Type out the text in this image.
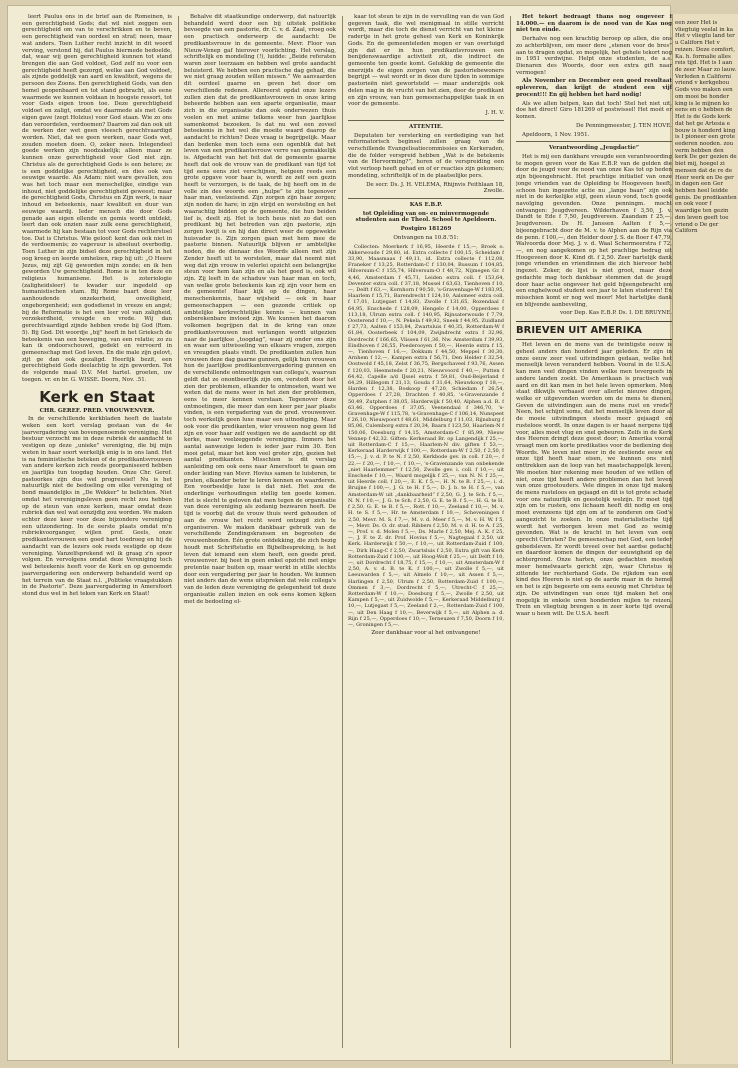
leert Paulus ons in de brief aan de Romeinen, is een gerechtigheid Gods; dat wil niet zeggen een gerechtigheid om van te verschrikken en te beven, een gerechtigheid van oordeel en straf; neen, maar wat anders. Toen Luther recht inzicht in dit woord verving, verstond hij, dat Paulus hiermede bedoelde, dat, waar wij geen gerechtigheid kunnen tot stand brengen die aan God voldoet, God zelf nu voor een gerechtigheid heeft gezorgd, welke aan God voldoet, als zijnde goddelijk van aard en kwaliteit, wegens de persoon des Zoons. Een gerechtigheid Gods, van den hemel geopenbaard en tot stand gebracht, als eene waarmede we kunnen voldaan in hoogste ressort, tot voor Gods eigen troon toe. Deze gerechtigheid voldoet en zaligt, omdat we daarmede als met Gods eigen gave (zegt Holzius) voor God staan. Wie zo ons dan veroordelen, verdoemen? Daarom zal dan ook uit de werken der wet geen vleesch gerechtvaardigd worden. Niet, dat we geen werken, naar Gods wet, zouden moeten doen. O, zeker neen. Integendeel goede werken zijn noodzakelijk; alleen maar ze kunnen onze gerechtigheid voor God niet zijn. Christus als de gerechtigheid Gods is een betere; ze is een goddelijke gerechtigheid, en dies ook van eeuwige waarde. Als Adam: niet ware gevallen, zou was het toch maar een menschelijke, eindige van inhoud, niet goddelijke gerechtigheid geweest; maar de gerechtigheid Gods, Christus en Zijn werk, is naar inhoud en beteekenis, naar kwaliteit en duur van eeuwige waardij. Ieder mensch die door Gods genade aan eigen ellende en gemis wordt ontdekt, leert dan ook onzien naar zulk eene gerechtigheid, waarmede hij kan bestaan tot voor Gods rechterstoel toe. Dat is Christus. Wie geloof: kent dan ook niet in de verdoemenis; zo vagevuur is absoluut overbodig. Toen Luther in zijn bidsel deze gerechtigheid in het oog kreeg en leerde omhelzen, riep hij uit: „O Heere Jezus, mij zijt Gij geworden mijn zonde; en ik ben geworden Uw gerechtigheid. Rome is in ten deze en religieus humanisme. Het is zoteriologie (zaligheidsleer) te kwader uur ingedeld op humanistischen stam. Bij Rome baart deze leer aanhoudende onzekerheid, onveiligheid, ongeborgenheid; een godsdienst in vreeze en angst; bij de Reformatie is het een leer vol van zaligheid, verzekerdheid, vreugde en vrede. Wij dan gerechtvaardigd zijnde hebben vrede bij God (Rom. 5). Bij God. Dit woordje „bij” heeft in het Grieksch de beteekenis van een beweging, van een relatie; zo zu kan ik ondoorschouwd, gedekt en vervoerd in gemeenschap met God leven. En die male zijn gelovt, zijt ge dan ook gezaligd. Heerlijk bezit, een gerechtigheid Gods deelachtig te zijn geworden. Tot de volgende maal D.V. Met hartel. groeten, uw toegen. vr. en br. G. WISSE. Doorn, Nov. .51.

Kerk en Staat
CHR. GEREF. PRED. VROUWENVER.

In de verschillende kerkbladen heeft de laatste weken een kort verslag gestaan van de 4e jaarvergadering van bovengenoemde vereniging. Het bestuur verzocht me in deze rubriek de aandacht te vestigen op deze „unieke” vereniging, die bij mijn weten in haar soort werkelijk enig is in ons land. Het is na feministische beteken of de predikantsvrouwen van andere kerken zich reeds georganiseerd hebben en jaarlijks tun toogdag houden. Onze Chr. Geref. pastoorkes zijn dus wel progressief! Nu is het natuurlijk niet de bedoeling om elke vereniging of bond maandelijks in „De Wekker” te belichten. Niet omdat het verenigingsleven geen recht zou hebben op de steun van onze kerken, maar omdat deze rubriek dan wel wat eenzijdig zou worden. We maken echter deze keer voor deze bijzondere vereniging een uitzondering. In de eerste plaats omdat m'n rubriekvoorganger, wijlen prof. Geels, onze predikantsvrouwen een goed hart toedroeg en hij de aandacht van de lezers ook reeds vestigde op deze vereniging. Vanzelfsprekend wil ik graag z'n spoor volgen. En vervolgens omdat deze Vereniging toch wel beteekenis heeft voor de Kerk en op genoemde jaarvergadering een onderwerp behandeld werd op het terrein van de Staat n.l. „Politieke vraagstukken in de Pastorie”. Deze jaarvergadering in Amersfoort stond dus wel in het teken van Kerk en Staat!

Behalve dit staatkundige onderwerp, dat natuurlijk behandeld werd door een bij uitstek politieke bevoegde van een pastorie, dr. C. v. d. Zaal, vroeg ook een practisch onderwerp de aandacht: De predikantsvrouw in de gemeente. Mevr. Floor van Nieuw-Venep gaf hierover voorlichting. Het verslag, schriftelijk en mondeling (!), luidde: „Beide referaten waren zeer leerzaam en hebben wel grote aandacht beluisterd. We hebben een practische dag gehad, die we niet graag zouden willen missen.” We aanvaarden dit oordeel gaarne en geven het door om verschillende redenen. Allereerst opdat onze lezers zullen zien dat de predikantsvrouwen in onze kring beheerde hebben aan een aparte organisatie, maar zich in die organisatie dan ook onderwezen thuis voelen en met anime telkens weer hun jaarlijkse samenkomst bezoeken. Is dat nu wel een zoveel beteekenis in het wel die moeite waard daarop de aandacht te richten? Deze vraag is begrijpelijk. Maar dan bedenke men toch eens een ogenblik dat het leven van een predikantsvrouw verre van gemakkelijk is. Afgedacht van het feit dat de gemeente gaarne heeft dat ook de vrouw van de predikant van tijd tot tijd eens eens ziet verschijnen, hetgeen reeds een grote opgave voor haar is, wordt ze zelf een gezin heeft te verzorgen, is de taak, de bij heeft om in de volle zin des woords een „hulpe” te zijn tegenover haar man, veelzeisend. Zijn zorgen zijn haar zorgen; zijn noden de hare; in zijn strijd en worsteling en het waarachtig bidden op de gemeente, die hun beiden lief is, deelt zij. Het is toch heus niet zo dat een predikant bij het betreden van zijn pastorie, zijn zorgen kwijt is en hij dan direct weer de opgewekte huisvader is. Zijn zorgen gaan met hem mee de pastorie binnen. Natuurlijk blijven er ambtelijke noden, die de dienaar des Woords alleen met zijn Zender heeft uit te worstelen, maar dat neemt niet weg dat zijn vrouw in velerlei opzicht een belangrijke steun voor hem kan zijn en als het goed is, ook wil zijn. Zij leeft in de schaduw van haar man en toch, van welke grote beteekenis kan zij zijn voor hem en de gemeente! Haar kijk op de dingen, haar menschenkennis, haar wijsheid — ook in haar gemeenschappen — een gezonde critiek op ambtelijke kerkrechtelijke kennis — kunnen van onberekenbare invloed zijn. We kunnen het daarom volkomen begrijpen dat in de kring van onze predikantsvrouwen met verlangen wordt uitgezien naar de jaarlijkse „toogdag”, waar zij onder ons zijn en waar een uitwisseling van elkaars vragen, zorgen en vreugden plaats vindt. De predikanten zullen hun vrouwen deze dag gaarne gunnen, gelijk hun vrouwen hun de jaarlijkse predikantenvergadering gunnen en de verschillende ontmoetingen van collega's, waarvan geldt dat ze onontbeerlijk zijn om, verstedt door het zien der problemen, elkander te ontmoeten, want we weten dat de mens weer in het zien der problemen, eens te meer kennen verstaan. Tegenover deze ontmoetingen, die meer dan een keer per jaar plaats vinden, is een vergadering van de pred. vrouwenver. toch werkelijk geen luxe maar een uitnodiging. Maar ook voor die predikanten, wier vrouwen nog geen lid zijn en voor haar zelf vestigen we de aandacht op dit kerke, maar veelzeggende vereniging. Immers het aantal aanwezige leden is ieder jaar ruim 30. Een mooi getal, maar het kon veel groter zijn, gezien het aantal predikanten. Misschien is dit verslag aanleiding om ook eens naar Amersfoort te gaan om onder leiding van Mevr. Hovius samen te luisteren, te praten, elkander beter te leren kennen en waarderen. Een voorbeeldje luxe is dat niet. Het zou de onderlinge verhoudingen stellig ten goede komen. Het is slecht te geloven dat men tegen de organisatie van deze vereniging als zodanig bezwaren heeft. De tijd is voorbij dat de vrouw thuis werd gehouden of aan de vrouw het recht werd ontzegd zich te organiseren. We maken dankbaar gebruik van de verschillende Zendingskransen en begrooten de vrouwenbonden. Eén grote ontdekking, die zich bezig houdt met Schriftstudie en Bijbelbespreking, is het leven dat iemand een stem heeft, een goede pred. vrouwenver. bij heet in geen enkel opzicht met enige pretentie naar buiten op, maar werkt in stille slechts door een vergadering per jaar te houden. We kunnen niet anders dan de wens uitspreken dat vele collega's van de leden deze vereniging de gelegenheid tot deze organisatie zullen inzien en ook eens komen kijken met de bedoeling el-

kaar tot steun te zijn in de vervulling van de van God gegeven taak, die wel menigmaal in stille verricht wordt, maar die toch de dienst verricht van het kleine radertje in het grote geheel van Kerk en Koninkrijk Gods. En de gemeenteleden mogen er van overtuigd zijn dat er in hun predikantsvrouwen een benijdenswaardige activiteit zit, die indirect de gemeente ten goede komt. Gelukkig de gemeente die enerzijds de eigen zorgen van de pastoriebewoners begrijpt — wat wordt er in deze dure tijden in sommige pastorieën niet gewortsteld — maar anderzijds ook delen mag in de vrucht van het zien, door de predikant en zijn vrouw, van hun gemeenschappelijke taak in en voor de gemeente.

J. H. V.

ATTENTIE.

Deputaten ter versterking en verdediging van het reformatorisch beginsel zullen graag van de verschillende Evangelisatiecommissies en Kerkeraden, die de folder verspreid hebben „Wat is de betekenis van de Hervorming?”, horen of de verspreiding een vlot verloop heeft gehad en of er reacties zijn gekomen; mondeling, schriftelijk of in de plaatselijke pers.

De secr. Ds. J. H. VELEMA, Rhijnvis Feithlaan 18, Zwolle.

KAS E.B.P.

tot Opleiding van on- en minvermogende studenten aan de Theol. School te Apeldoorn.

Postgiro 181269

Ontvangen na 10.8.'51:

Collecten: Moerkerk f 16,95, Heerde f 15,—, Broek o. Akkerwoude f 29,80, id. Extra collecte f 100,15, Scheidam f 33,90, Maasmaas f 49,11, id. Extra collecte f 112,08, Franeker f 13,25, Rotterdam-C f 130,04, Bussum f 104,85, Hilversum-C f 155,74, Hilversum-O f 48,72, Nijmegen Gr. f 4,46, Amsterdam f 45,71, Leiden extra coll. f 153,64, Deventer extra coll. f 37,18, Mussel f 63,63, Tienhoven f 10,—, Delft f 63,—, Kornhorn f 90,50, 's-Gravenhage-W f 183,95, Haarlem f 15,71, Barendrecht f 124,10, Aalsmeer extra coll. f 17,01, Lutjegast f 14,83, Zwolle f 131,65, Rozendaal f 64,95, Enschede f 128,09, Hengelo f 14,00, Opperdoes f 113,18, Ulrum extra coll. f 140,95, Rijnsaterwoude f 7,79, Oosterend f 10,—, N. Pekela f 49,92, Sneek f 44,95, Zuidland f 27,73, Aalten f 153,84, Zwartsluis f 40,35, Rotterdam-W f 61,84, Oosterbeek f 104,09, Zwijndrecht extra f 32,96, Dordrecht f 166,65, Vlissen f 61,36, Nw. Amsterdam f 39,93, Eindhoven f 26,55, Poederooyen f 50,—, Heerde extra f 15,—, Tienhoven f 16,—, Dokkum f 44,50, Meppel f 30,30, Arnhem f 12,—, Kampen extra f 56,71, Den Helder f 32,54, Oostwold f 45,18, Zelst f 36,75, Bergschaveel f 93,76, Assen f 120,03, Heemstede f 20,21, Nieuwvoord f 40,—, Putten f 64,42, Capelle a/d IJssel extra f 59,81, Oud-Beijerland f 64,29, Hillegom f 21,13, Gouda f 31,64, Nieuwkoop f 18,—, Harden f 12,38, Boskoop f 47,20, Schiedam f 26,54, Opperdoes f 27,28, Drachten f 40,85, 's-Gravenzande f 50,49, Zutphen f 38,05, Harderwijk f 50,40, Alphen a.d. R. f 63,46, Opperdoes f 37,05, Veenendaal f 346,70, 's-Gravenhage-W f 115,78, 's-Gravenhage-C f 106,14, Nunspeet f 26,10, Nieuwpoort f 48,61, Middelburg f 11,03, Rijnsburg f 85,06, Culemborg extra f 20,34, Baarn f 123,50, Haarlem-N f 150,06, Doesburg f 14,15, Amsterdam-C f 85,99, Nieuw Vennep f 42,32. Giften: Kerkeraad Br. op Langendijk f 25,—, uit Rotterdam-C f 15,—, Haarlem-N div. giften f 53,—, Kerkeraad Harderwijk f 100,—, Rotterdam-W f 2,50, f 2,50, f 15,—, J. v. d. P. te N. f 2,50, Kerkbode gev. in coll. f 20,—, f 22,— f 20,—, f 10,—, f 10,—, 's-Gravenzande van onbekende „niet Haarlemmer” f 12,50, Zwolle gev. i. coll. f 10,—, uit Enschede f 10,—, Waard mogelijk f 25,—, van N. N. f 25,—, uit Heerde coll. f 20,—, E. K. f 5,—, H. N. te B. f 25,—, i. d. Bruijne f 100,—, J. G. te H. f 5,—, D. J. b. te H. f 5,—, van Amsterdam-W uit „dankbaarheid” f 2,50, G. J. te Sch. f 5,—, N. N. f 10,—, J. G. te Sch. f 2,50, G. E. te B. f 5,—, H. G. te H. f 2,50, G. E. te B. f 5,—, Rott. f 10,—, Zeeland f 10,—, M. v. H. te S. f 5,—, Hr. te Amsterdam f 10,—, Scheveningen f 2,50, Mevr. M. S. f 7,—, M. v. d. Meer f 5,—, M. v. H. W. f 5,—, Mevr. Ds. O. dr. stud. Ribbers f 2,50, M. v. d. H. te A. f 25,—, Prof. v. d. Molen f 5,—, Ds. Marle f 2,50, Mej. A. K. f 25,—, J. F. te Z. dr. Prof. Hovius f 5,—, Nagtegaal f 2,50, uit Kerk. Harderwijk f 50,—, f 10,—, uit Rotterdam-Zuid f 100,—, Dirk Haag-C f 2,50, Zwartsluis f 2,50, Extra gift van Kerk Rotterdam-Zuid f 100,—, uit Hoog-Wolt f 25,—, uit Delft f 10,—, uit Dordrecht f 18,75, f 15,—, f 10,—, uit Amsterdam-W f 2,50, A. v. d. B. te K. f 100,—, uit Zwolle f 5,—, uit Leeuwarden f 5,—, uit Almelo f 10,—, uit Assen f 5,—, Harlingen f 2,50, Ulrum f 2,50, Rotterdam-Zuid f 100,—, Ommen f 3,—, Dordrecht f 5,—, Utrecht-C f 25,—, Rotterdam-W f 10,—, Doesburg f 5,—, Zwolle f 2,50, uit Kampen f 5,—, uit Zuidwolde f 5,—, Kerkeraad Middelburg f 10,—, Lutjegast f 5,—, Zeeland f 2,—, Rotterdam-Zuid f 100,—, uit Den Haag f 10,—, Beverwijk f 5,—, uit Alphen a. d. Rijn f 25,—, Opperdoes f 10,—, Terneuzen f 7,50, Doorn f 10,—, Groningen f 5,—.

Zeer dankbaar voor al het ontvangene!

Het tekort bedraagt thans nog ongeveer f 14.000.— en daarom is de nood van de Kas nog niet ten einde.

Derhalve nog een krachtig beroep op allen, die ons zo achterblijven, om meer dere „stenen voor de bres” aan te dragen opdat, zo mogelijk, het gehele tekort nog in 1951 verdwijne. Helpt onze studenten, de a.s. Dienaren des Woords, door een extra gift naar vermogen!

Als November en December een goed resultaat opleveren, dan krijgt de student een vijf procent!!! En gij hebben het hard nodig!

Als we allen helpen, kan dat toch! Stel het niet uit, doe het direct! Giro 181269 of postwissel! Het moét er komen.

De Penningmeester, J. TEN HOVE.

Apeldoorn, 1 Nov. 1951.

Verantwoording „Jeugdactie”

Het is mij een dankbare vreugde een verantwoording te mogen geven voor de Kas E.B.P. van de gelden die door de jeugd voor de nood van onze Kas tot op heden zijn bijeengebracht. Het prachtige initiatief van onze jonge vrienden van de Opleiding te Hoogeveen heeft, schoon hun ingezette actie nu „lange baan” zijn ook niet in de kerkelijke stijl, geen steun vond, toch goede navolging gevonden. Onze penningm. mocht ontvangen: Jeugdvereen. Wilderhaven f 3,50, J. v. Dandt te Ede f 7,50, Jeugdvereen. Zaandam f 25,—, Jeugdvereen. Ds H. Janssen Aalten f 5,—, bijeengebracht door de M. v. te Alphen aan de Rijn via de penn. f 100,—, den Helder door J. S. de Boer f 47,79, Walvoorda door Mej. J. v. d. Waal Schermeerstra f 72,—, en nog aangekomen op het prachtige bedrag uit Hoogeveen door K. Kind dt. f 2,50. Zeer hartelijk dank jonge vrienden en vriendinnen die zich hiervoor hebt ingezet. Zeker, de lijst is niet groot, maar deze gedachte mag toch dankbaar stemmen dat de jeugd door haar actie ongeveer het geld bijeengebracht em een enghelwoud student een jaar te laten studeren! En misschien komt er nog wel meer! Met hartelijke dank en blijvende aanbeveling,

voor Dep. Kas E.B.P. Ds. I. DE BRUYNE.

BRIEVEN UIT AMERIKA

Het leven en de mens van de twintigste eeuw is geheel anders dan honderd jaar geleden. Er zijn in onze eeuw zeer veel uitvindingen gedaan, welke het menselijk leven veranderd hebben. Vooral in de U.S.A. kan men veel dingen vinden welke men tevergeefs in andere landen zoekt. De Amerikaan is practisch van aard en dit kan men in het hele leven opmerken. Men staat dikwijls verbaasd over allerlei nieuwe dingen, welke er uitgevonden worden om de mens te dienen. Geven de uitvindingen aan de mens rust en vrede? Neen, het schijnt soms, dat het menselijk leven door al de moeie uitvindingen steeds meer gejaagd en rusteloos wordt. In onze dagen is er haast nergens tijd voor, alles moet vlug en snel gebeuren. Zelfs in de Kerk des Heeren dringt deze geest door; in Amerika vooral vraagt men om korte predikaties voor de bediening des Woords. We leven niet meer in de zestiende eeuw en onze tijd heeft haar eisen, we kunnen ons niet onttrekken aan de loop van het maatschappelijk leven. We moeten hier rekening mee houden of we willen of niet, onze tijd heeft andere problemen dan het leven van onze grootouders. Vele dingen in onze tijd maken de mens rusteloos en gejaagd en dit is tot grote schade voor ons natuurlijk en geestelijk welzijn. Er moet tijd zijn om te rusten, ons lichaam heeft dit nodig en ons moet evenzeens tijd zijn om af te zonderen om God's aangezicht te zoeken. In onze materialistische tijd wordt het verborgen leven met God zo weinig gevonden. Wat is de kracht in het leven van een oprecht Christen? De gemeenschap met God, een teder gebedsleven. Er wordt teveel over het aardse gedacht en daardoor komen de dingen der eeuwigheid op de achtergrond. Onze harten, onze gedachten moeten meer hemelwaarts gericht zijn, waar Christus is zittende ter rechterhand Gods. De rijkdom van een kind des Heeren is niet op de aarde maar in de hemel en het is zijn begeerte om eens eeuwig met Christus te zijn. De uitvindingen van onze tijd maken het ons mogelijk in enkele uren honderden mijlen te reizen. Trein en vliegtuig brengen u in zeer korte tijd overal waar u heen wilt. De U.S.A. heeft

een zeer Het is vliegtuig veelal in ka Het v vliegtu land ter u Californ Het v reizen. Deze comfort, Ka. h. formalie alles reis tijd. Het is I aan de zeer Maar zo lauw. Verleden n Californi vriend v kerkgebou Gods voo maken een om mooi be honder king is le mijnen ko eens en o hebben de Het is de Gods kerk dat het ge Artesia e bouw is honderd king is I pioneer een grote eederen nooden. zou verm hebben den kerk De ger gezien de biet mij, hoegel zi mensen dat de re de Heer werk en De ger in dagen een Ger hebben heel leidde genis. De predikanten en ook voor f waardige ten gezin den leven geeft toe vriend o De ger Californ
